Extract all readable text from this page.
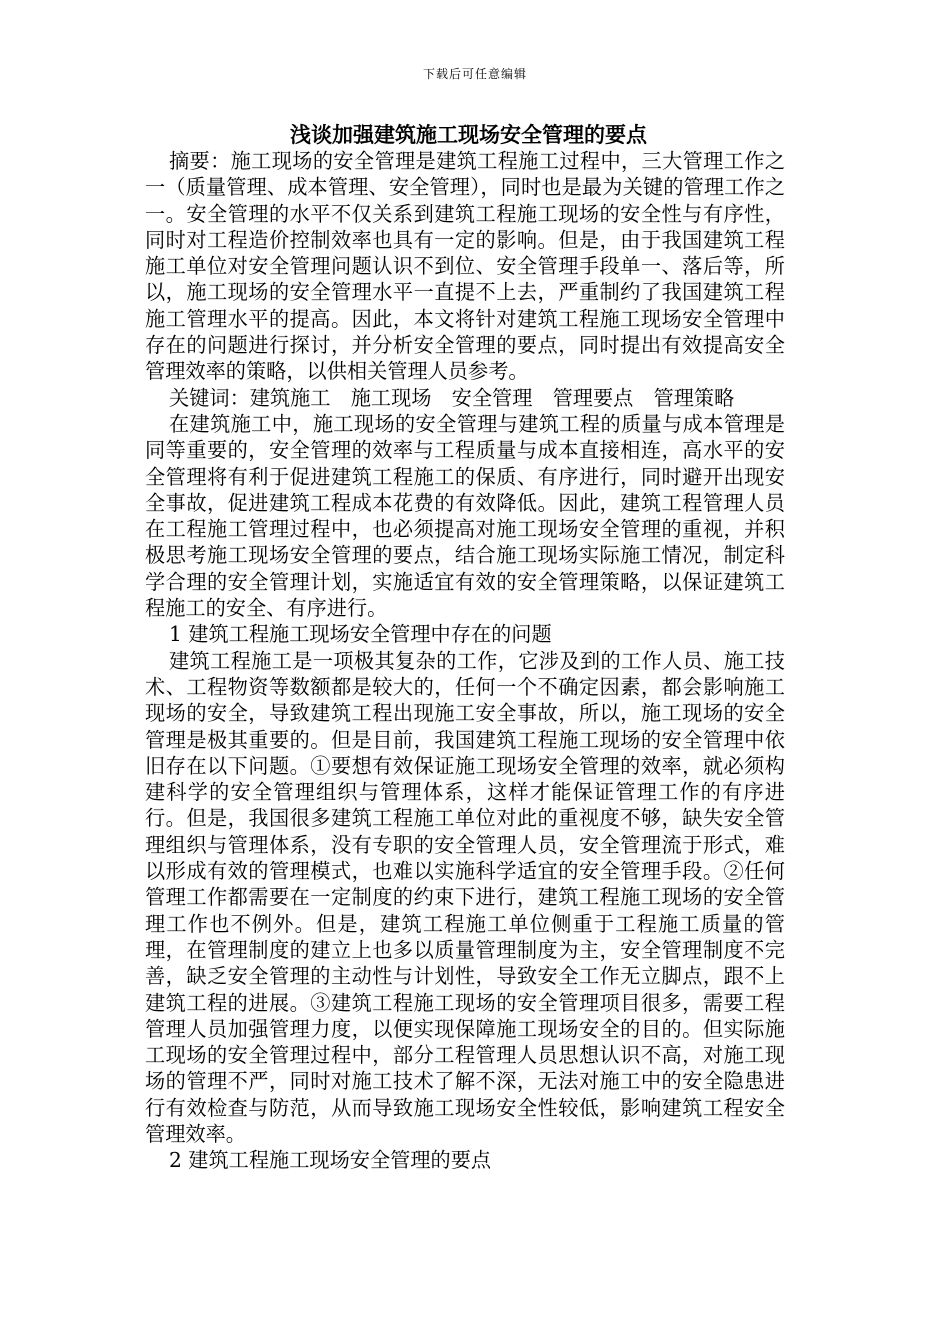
下载后可任意编辑
浅谈加强建筑施工现场安全管理的要点

摘要：施工现场的安全管理是建筑工程施工过程中，三大管理工作之一（质量管理、成本管理、安全管理），同时也是最为关键的管理工作之一。安全管理的水平不仅关系到建筑工程施工现场的安全性与有序性，同时对工程造价控制效率也具有一定的影响。但是，由于我国建筑工程施工单位对安全管理问题认识不到位、安全管理手段单一、落后等，所以，施工现场的安全管理水平一直提不上去，严重制约了我国建筑工程施工管理水平的提高。因此，本文将针对建筑工程施工现场安全管理中存在的问题进行探讨，并分析安全管理的要点，同时提出有效提高安全管理效率的策略，以供相关管理人员参考。

关键词：建筑施工　施工现场　安全管理　管理要点　管理策略

在建筑施工中，施工现场的安全管理与建筑工程的质量与成本管理是同等重要的，安全管理的效率与工程质量与成本直接相连，高水平的安全管理将有利于促进建筑工程施工的保质、有序进行，同时避开出现安全事故，促进建筑工程成本花费的有效降低。因此，建筑工程管理人员在工程施工管理过程中，也必须提高对施工现场安全管理的重视，并积极思考施工现场安全管理的要点，结合施工现场实际施工情况，制定科学合理的安全管理计划，实施适宜有效的安全管理策略，以保证建筑工程施工的安全、有序进行。

1 建筑工程施工现场安全管理中存在的问题

建筑工程施工是一项极其复杂的工作，它涉及到的工作人员、施工技术、工程物资等数额都是较大的，任何一个不确定因素，都会影响施工现场的安全，导致建筑工程出现施工安全事故，所以，施工现场的安全管理是极其重要的。但是目前，我国建筑工程施工现场的安全管理中依旧存在以下问题。①要想有效保证施工现场安全管理的效率，就必须构建科学的安全管理组织与管理体系，这样才能保证管理工作的有序进行。但是，我国很多建筑工程施工单位对此的重视度不够，缺失安全管理组织与管理体系，没有专职的安全管理人员，安全管理流于形式，难以形成有效的管理模式，也难以实施科学适宜的安全管理手段。②任何管理工作都需要在一定制度的约束下进行，建筑工程施工现场的安全管理工作也不例外。但是，建筑工程施工单位侧重于工程施工质量的管理，在管理制度的建立上也多以质量管理制度为主，安全管理制度不完善，缺乏安全管理的主动性与计划性，导致安全工作无立脚点，跟不上建筑工程的进展。③建筑工程施工现场的安全管理项目很多，需要工程管理人员加强管理力度，以便实现保障施工现场安全的目的。但实际施工现场的安全管理过程中，部分工程管理人员思想认识不高，对施工现场的管理不严，同时对施工技术了解不深，无法对施工中的安全隐患进行有效检查与防范，从而导致施工现场安全性较低，影响建筑工程安全管理效率。

2 建筑工程施工现场安全管理的要点
